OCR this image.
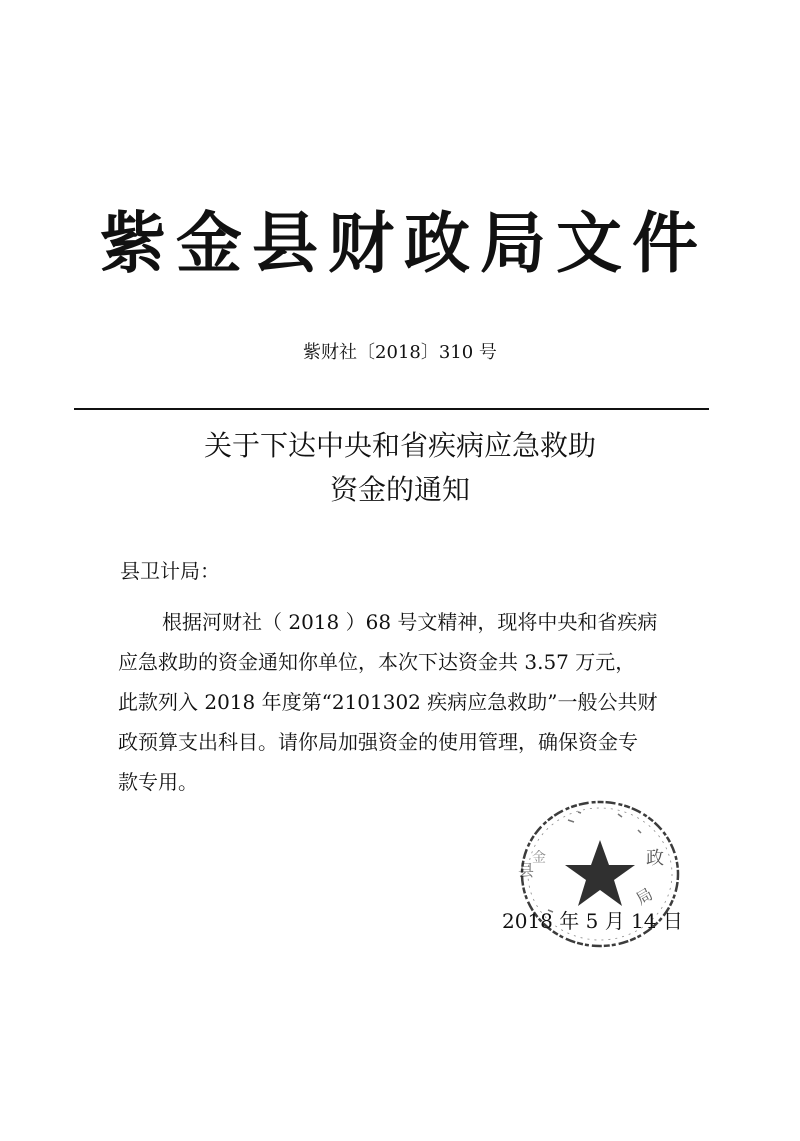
紫金县财政局文件
紫财社〔2018〕310 号
关于下达中央和省疾病应急救助
资金的通知
县卫计局：
根据河财社（ 2018 ）68 号文精神，现将中央和省疾病
应急救助的资金通知你单位，本次下达资金共 3.57 万元，
此款列入 2018 年度第“2101302 疾病应急救助”一般公共财
政预算支出科目。请你局加强资金的使用管理，确保资金专
款专用。
县
金	政
局
2018 年 5 月 14 日
